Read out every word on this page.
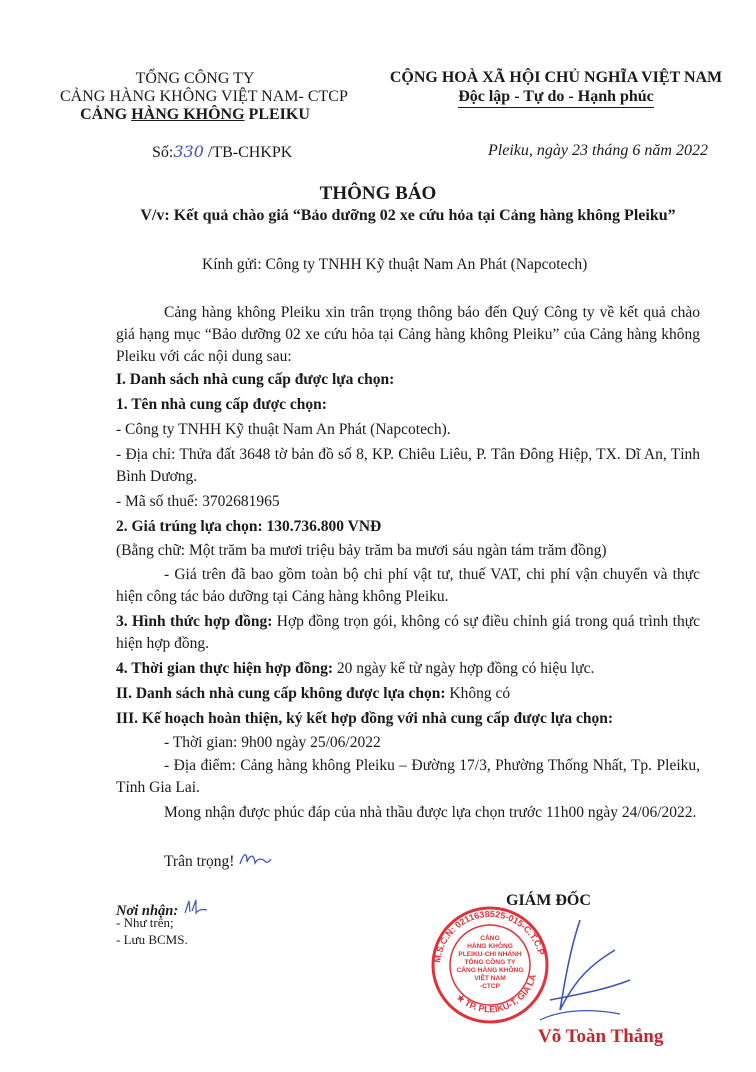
TỔNG CÔNG TY
CẢNG HÀNG KHÔNG VIỆT NAM- CTCP
CẢNG HÀNG KHÔNG PLEIKU
CỘNG HOÀ XÃ HỘI CHỦ NGHĨA VIỆT NAM
Độc lập - Tự do - Hạnh phúc
Số:330 /TB-CHKPK	Pleiku, ngày 23 tháng 6 năm 2022
THÔNG BÁO
V/v: Kết quả chào giá “Bảo dưỡng 02 xe cứu hỏa tại Cảng hàng không Pleiku”
Kính gửi: Công ty TNHH Kỹ thuật Nam An Phát (Napcotech)
Cảng hàng không Pleiku xin trân trọng thông báo đến Quý Công ty về kết quả chào giá hạng mục “Bảo dưỡng 02 xe cứu hỏa tại Cảng hàng không Pleiku” của Cảng hàng không Pleiku với các nội dung sau:
I. Danh sách nhà cung cấp được lựa chọn:
1. Tên nhà cung cấp được chọn:
- Công ty TNHH Kỹ thuật Nam An Phát (Napcotech).
- Địa chỉ: Thửa đất 3648 tờ bản đồ số 8, KP. Chiêu Liêu, P. Tân Đông Hiệp, TX. Dĩ An, Tỉnh Bình Dương.
- Mã số thuế: 3702681965
2. Giá trúng lựa chọn: 130.736.800 VNĐ
(Bằng chữ: Một trăm ba mươi triệu bảy trăm ba mươi sáu ngàn tám trăm đồng)
- Giá trên đã bao gồm toàn bộ chi phí vật tư, thuế VAT, chi phí vận chuyển và thực hiện công tác bảo dưỡng tại Cảng hàng không Pleiku.
3. Hình thức hợp đồng: Hợp đồng trọn gói, không có sự điều chỉnh giá trong quá trình thực hiện hợp đồng.
4. Thời gian thực hiện hợp đồng: 20 ngày kể từ ngày hợp đồng có hiệu lực.
II. Danh sách nhà cung cấp không được lựa chọn: Không có
III. Kế hoạch hoàn thiện, ký kết hợp đồng với nhà cung cấp được lựa chọn:
- Thời gian: 9h00 ngày 25/06/2022
- Địa điểm: Cảng hàng không Pleiku – Đường 17/3, Phường Thống Nhất, Tp. Pleiku, Tỉnh Gia Lai.
Mong nhận được phúc đáp của nhà thầu được lựa chọn trước 11h00 ngày 24/06/2022.
Trân trọng!
Nơi nhận:
- Như trên;
- Lưu BCMS.
GIÁM ĐỐC
M.S.C.N: 0211638525-015-C.T.C.P
★ TP. PLEIKU-T. GIA LA
CẢNG
HÀNG KHÔNG
PLEIKU-CHI NHÁNH
TỔNG CÔNG TY
CẢNG HÀNG KHÔNG
VIỆT NAM
-CTCP
Võ Toàn Thắng
